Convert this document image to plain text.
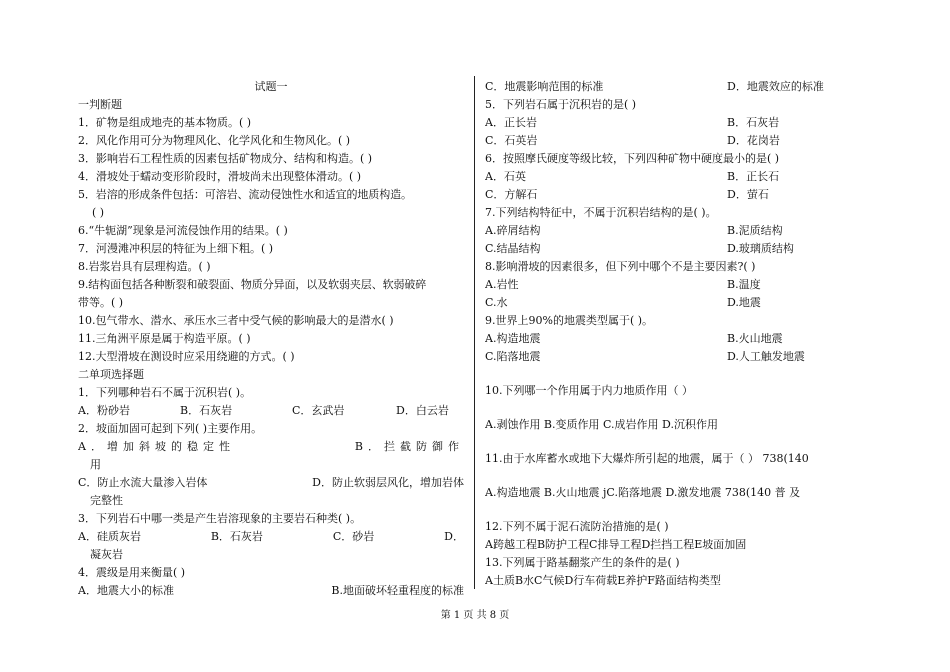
试题一
一判断题
1．矿物是组成地壳的基本物质。( )
2．风化作用可分为物理风化、化学风化和生物风化。( )
3．影响岩石工程性质的因素包括矿物成分、结构和构造。( )
4．滑坡处于蠕动变形阶段时，滑坡尚未出现整体滑动。( )
5．岩溶的形成条件包括：可溶岩、流动侵蚀性水和适宜的地质构造。
( )
6.“牛轭湖”现象是河流侵蚀作用的结果。( )
7．河漫滩冲积层的特征为上细下粗。( )
8.岩浆岩具有层理构造。( )
9.结构面包括各种断裂和破裂面、物质分异面，以及软弱夹层、软弱破碎
带等。( )
10.包气带水、潜水、承压水三者中受气候的影响最大的是潜水( )
11.三角洲平原是属于构造平原。( )
12.大型滑坡在测设时应采用绕避的方式。( )
二单项选择题
1．下列哪种岩石不属于沉积岩( )。
A．粉砂岩	B．石灰岩	C．玄武岩	D．白云岩
2．坡面加固可起到下列( )主要作用。
A．增加斜坡的稳定性	B．拦截防御作
用
C．防止水流大量渗入岩体	D．防止软弱层风化，增加岩体
完整性
3．下列岩石中哪一类是产生岩溶现象的主要岩石种类( )。
A．硅质灰岩	B．石灰岩	C．砂岩	D．
凝灰岩
4．震级是用来衡量( )
A．地震大小的标准	B.地面破坏轻重程度的标准
C．地震影响范围的标准	D．地震效应的标准
5．下列岩石属于沉积岩的是( )
A．正长岩	B．石灰岩
C．石英岩	D．花岗岩
6．按照摩氏硬度等级比较，下列四种矿物中硬度最小的是( )
A．石英	B．正长石
C．方解石	D．萤石
7.下列结构特征中，不属于沉积岩结构的是( )。
A.碎屑结构	B.泥质结构
C.结晶结构	D.玻璃质结构
8.影响滑坡的因素很多，但下列中哪个不是主要因素?( )
A.岩性	B.温度
C.水	D.地震
9.世界上90%的地震类型属于( )。
A.构造地震	B.火山地震
C.陷落地震	D.人工触发地震
10.下列哪一个作用属于内力地质作用（ ）
A.剥蚀作用 B.变质作用 C.成岩作用 D.沉积作用
11.由于水库蓄水或地下大爆炸所引起的地震，属于（ ） 738(140
A.构造地震 B.火山地震 jC.陷落地震 D.激发地震 738(140 普 及
12.下列不属于泥石流防治措施的是( )
A跨越工程B防护工程C排导工程D拦挡工程E坡面加固
13.下列属于路基翻浆产生的条件的是( )
A土质B水C气候D行车荷载E养护F路面结构类型
第 1 页 共 8 页
